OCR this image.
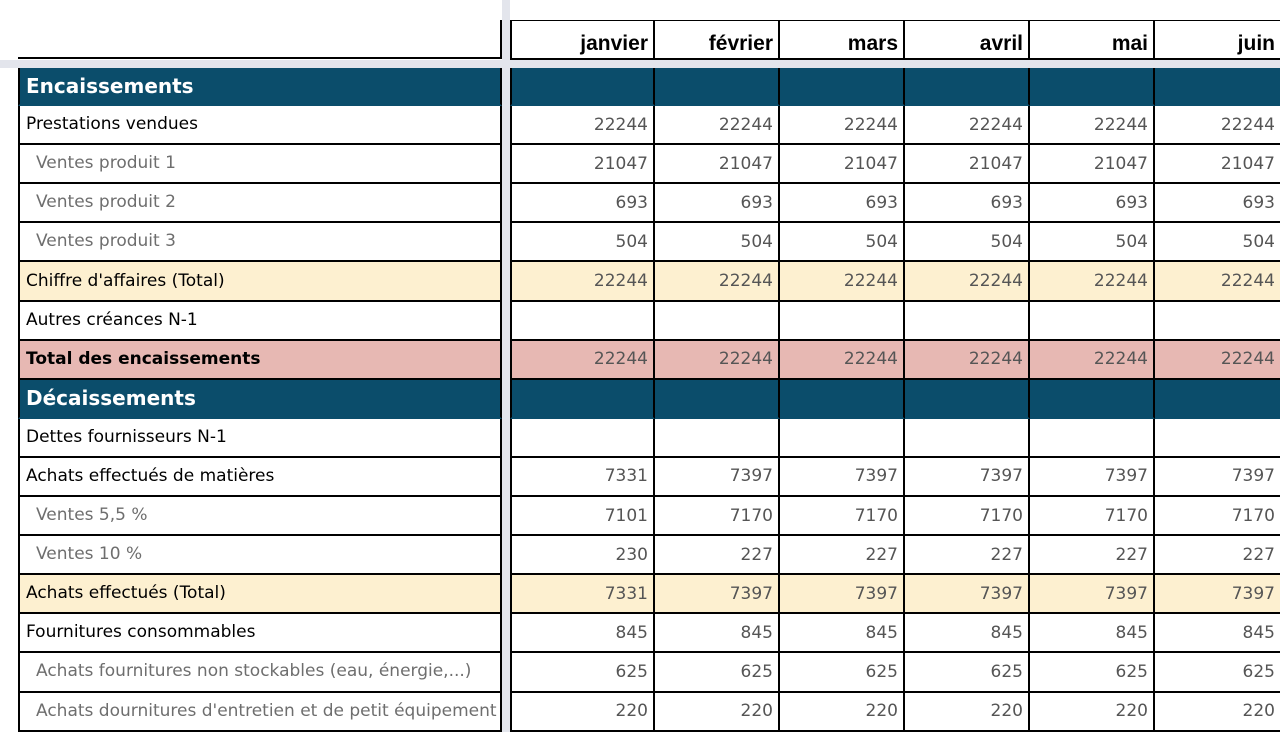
janvier	février	mars	avril	mai	juin
Encaissements
Prestations vendues	22244	22244	22244	22244	22244	22244
Ventes produit 1	21047	21047	21047	21047	21047	21047
Ventes produit 2	693	693	693	693	693	693
Ventes produit 3	504	504	504	504	504	504
Chiffre d'affaires (Total)	22244	22244	22244	22244	22244	22244
Autres créances N-1
Total des encaissements	22244	22244	22244	22244	22244	22244
Décaissements
Dettes fournisseurs N-1
Achats effectués de matières	7331	7397	7397	7397	7397	7397
Ventes 5,5 %	7101	7170	7170	7170	7170	7170
Ventes 10 %	230	227	227	227	227	227
Achats effectués (Total)	7331	7397	7397	7397	7397	7397
Fournitures consommables	845	845	845	845	845	845
Achats fournitures non stockables (eau, énergie,...)	625	625	625	625	625	625
Achats dournitures d'entretien et de petit équipement	220	220	220	220	220	220
